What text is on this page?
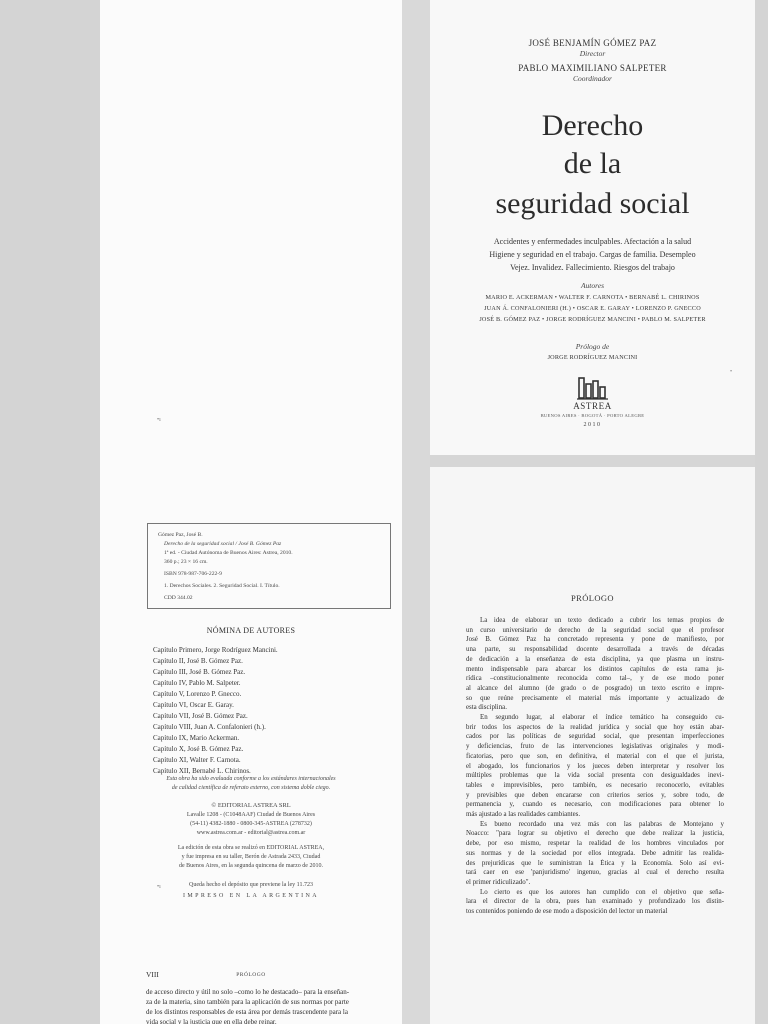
•ı
Gómez Paz, José B.
Derecho de la seguridad social / José B. Gómez Paz
1ª ed. - Ciudad Autónoma de Buenos Aires: Astrea, 2010.
360 p.; 23 × 16 cm.
ISBN 978-987-706-222-9
1. Derechos Sociales. 2. Seguridad Social. I. Título.
CDD 344.02
NÓMINA DE AUTORES
Capítulo Primero, Jorge Rodríguez Mancini.
Capítulo II, José B. Gómez Paz.
Capítulo III, José B. Gómez Paz.
Capítulo IV, Pablo M. Salpeter.
Capítulo V, Lorenzo P. Gnecco.
Capítulo VI, Oscar E. Garay.
Capítulo VII, José B. Gómez Paz.
Capítulo VIII, Juan A. Confalonieri (h.).
Capítulo IX, Mario Ackerman.
Capítulo X, José B. Gómez Paz.
Capítulo XI, Walter F. Carnota.
Capítulo XII, Bernabé L. Chirinos.
Esta obra ha sido evaluada conforme a los estándares internacionales
de calidad científica de referato externo, con sistema doble ciego.
© EDITORIAL ASTREA SRL
Lavalle 1208 - (C1048AAF) Ciudad de Buenos Aires
(54-11) 4382-1880 - 0800-345-ASTREA (278732)
www.astrea.com.ar - editorial@astrea.com.ar
La edición de esta obra se realizó en EDITORIAL ASTREA,
y fue impresa en su taller, Berón de Astrada 2433, Ciudad
de Buenos Aires, en la segunda quincena de marzo de 2010.
•ı	Queda hecho el depósito que previene la ley 11.723
IMPRESO EN LA ARGENTINA
VIII	PRÓLOGO
de acceso directo y útil no solo –como lo he destacado– para la enseñan-
za de la materia, sino también para la aplicación de sus normas por parte
de los distintos responsables de esta área por demás trascendente para la
vida social y la justicia que en ella debe reinar.
JOSÉ BENJAMÍN GÓMEZ PAZ
Director
PABLO MAXIMILIANO SALPETER
Coordinador
Derecho
de la
seguridad social
Accidentes y enfermedades inculpables. Afectación a la salud
Higiene y seguridad en el trabajo. Cargas de familia. Desempleo
Vejez. Invalidez. Fallecimiento. Riesgos del trabajo
Autores
MARIO E. ACKERMAN • WALTER F. CARNOTA • BERNABÉ L. CHIRINOS
JUAN Á. CONFALONIERI (H.) • OSCAR E. GARAY • LORENZO P. GNECCO
JOSÉ B. GÓMEZ PAZ • JORGE RODRÍGUEZ MANCINI • PABLO M. SALPETER
Prólogo de
JORGE RODRÍGUEZ MANCINI
ASTREA
BUENOS AIRES · BOGOTÁ · PORTO ALEGRE
2010
•
PRÓLOGO
La idea de elaborar un texto dedicado a cubrir los temas propios de
un curso universitario de derecho de la seguridad social que el profesor
José B. Gómez Paz ha concretado representa y pone de manifiesto, por
una parte, su responsabilidad docente desarrollada a través de décadas
de dedicación a la enseñanza de esta disciplina, ya que plasma un instru-
mento indispensable para abarcar los distintos capítulos de esta rama ju-
rídica –constitucionalmente reconocida como tal–, y de ese modo poner
al alcance del alumno (de grado o de posgrado) un texto escrito e impre-
so que reúne precisamente el material más importante y actualizado de
esta disciplina.
En segundo lugar, al elaborar el índice temático ha conseguido cu-
brir todos los aspectos de la realidad jurídica y social que hoy están abar-
cados por las políticas de seguridad social, que presentan imperfecciones
y deficiencias, fruto de las intervenciones legislativas originales y modi-
ficatorias, pero que son, en definitiva, el material con el que el jurista,
el abogado, los funcionarios y los jueces deben interpretar y resolver los
múltiples problemas que la vida social presenta con desigualdades inevi-
tables e imprevisibles, pero también, es necesario reconocerlo, evitables
y previsibles que deben encararse con criterios serios y, sobre todo, de
permanencia y, cuando es necesario, con modificaciones para obtener lo
más ajustado a las realidades cambiantes.
Es bueno recordado una vez más con las palabras de Montejano y
Noacco: "para lograr su objetivo el derecho que debe realizar la justicia,
debe, por eso mismo, respetar la realidad de los hombres vinculados por
sus normas y de la sociedad por ellos integrada. Debe admitir las realida-
des prejurídicas que le suministran la Ética y la Economía. Solo así evi-
tará caer en ese 'panjuridismo' ingenuo, gracias al cual el derecho resulta
el primer ridiculizado".
Lo cierto es que los autores han cumplido con el objetivo que seña-
lara el director de la obra, pues han examinado y profundizado los distin-
tos contenidos poniendo de ese modo a disposición del lector un material
